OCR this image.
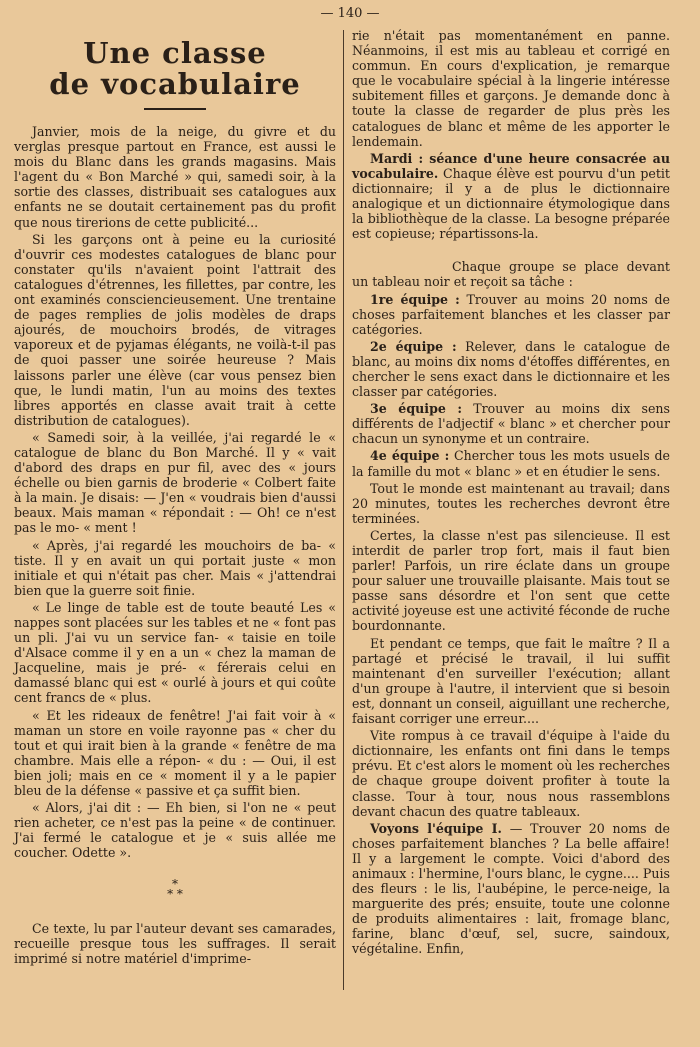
— 140 —
Une classe
de vocabulaire

Janvier, mois de la neige, du givre et du verglas presque partout en France, est aussi le mois du Blanc dans les grands magasins. Mais l'agent du « Bon Marché » qui, samedi soir, à la sortie des classes, distribuait ses catalogues aux enfants ne se doutait certainement pas du profit que nous tirerions de cette publicité...

Si les garçons ont à peine eu la curiosité d'ouvrir ces modestes catalogues de blanc pour constater qu'ils n'avaient point l'attrait des catalogues d'étrennes, les fillettes, par contre, les ont examinés consciencieusement. Une trentaine de pages remplies de jolis modèles de draps ajourés, de mouchoirs brodés, de vitrages vaporeux et de pyjamas élégants, ne voilà-t-il pas de quoi passer une soirée heureuse ? Mais laissons parler une élève (car vous pensez bien que, le lundi matin, l'un au moins des textes libres apportés en classe avait trait à cette distribution de catalogues).

« Samedi soir, à la veillée, j'ai regardé le « catalogue de blanc du Bon Marché. Il y « vait d'abord des draps en pur fil, avec des « jours échelle ou bien garnis de broderie « Colbert faite à la main. Je disais: — J'en « voudrais bien d'aussi beaux. Mais maman « répondait : — Oh! ce n'est pas le mo- « ment !

« Après, j'ai regardé les mouchoirs de ba- « tiste. Il y en avait un qui portait juste « mon initiale et qui n'était pas cher. Mais « j'attendrai bien que la guerre soit finie.

« Le linge de table est de toute beauté Les « nappes sont placées sur les tables et ne « font pas un pli. J'ai vu un service fan- « taisie en toile d'Alsace comme il y en a un « chez la maman de Jacqueline, mais je pré- « férerais celui en damassé blanc qui est « ourlé à jours et qui coûte cent francs de « plus.

« Et les rideaux de fenêtre! J'ai fait voir à « maman un store en voile rayonne pas « cher du tout et qui irait bien à la grande « fenêtre de ma chambre. Mais elle a répon- « du : — Oui, il est bien joli; mais en ce « moment il y a le papier bleu de la défense « passive et ça suffit bien.

« Alors, j'ai dit : — Eh bien, si l'on ne « peut rien acheter, ce n'est pas la peine « de continuer. J'ai fermé le catalogue et je « suis allée me coucher. Odette ».

*
* *

Ce texte, lu par l'auteur devant ses camarades, recueille presque tous les suffrages. Il serait imprimé si notre matériel d'imprime-

rie n'était pas momentanément en panne. Néanmoins, il est mis au tableau et corrigé en commun. En cours d'explication, je remarque que le vocabulaire spécial à la lingerie intéresse subitement filles et garçons. Je demande donc à toute la classe de regarder de plus près les catalogues de blanc et même de les apporter le lendemain.

Mardi : séance d'une heure consacrée au vocabulaire. Chaque élève est pourvu d'un petit dictionnaire; il y a de plus le dictionnaire analogique et un dictionnaire étymologique dans la bibliothèque de la classe. La besogne préparée est copieuse; répartissons-la.

Chaque groupe se place devant un tableau noir et reçoit sa tâche :

1re équipe : Trouver au moins 20 noms de choses parfaitement blanches et les classer par catégories.

2e équipe : Relever, dans le catalogue de blanc, au moins dix noms d'étoffes différentes, en chercher le sens exact dans le dictionnaire et les classer par catégories.

3e équipe : Trouver au moins dix sens différents de l'adjectif « blanc » et chercher pour chacun un synonyme et un contraire.

4e équipe : Chercher tous les mots usuels de la famille du mot « blanc » et en étudier le sens.

Tout le monde est maintenant au travail; dans 20 minutes, toutes les recherches devront être terminées.

Certes, la classe n'est pas silencieuse. Il est interdit de parler trop fort, mais il faut bien parler! Parfois, un rire éclate dans un groupe pour saluer une trouvaille plaisante. Mais tout se passe sans désordre et l'on sent que cette activité joyeuse est une activité féconde de ruche bourdonnante.

Et pendant ce temps, que fait le maître ? Il a partagé et précisé le travail, il lui suffit maintenant d'en surveiller l'exécution; allant d'un groupe à l'autre, il intervient que si besoin est, donnant un conseil, aiguillant une recherche, faisant corriger une erreur....

Vite rompus à ce travail d'équipe à l'aide du dictionnaire, les enfants ont fini dans le temps prévu. Et c'est alors le moment où les recherches de chaque groupe doivent profiter à toute la classe. Tour à tour, nous nous rassemblons devant chacun des quatre tableaux.

Voyons l'équipe I. — Trouver 20 noms de choses parfaitement blanches ? La belle affaire! Il y a largement le compte. Voici d'abord des animaux : l'hermine, l'ours blanc, le cygne.... Puis des fleurs : le lis, l'aubépine, le perce-neige, la marguerite des prés; ensuite, toute une colonne de produits alimentaires : lait, fromage blanc, farine, blanc d'œuf, sel, sucre, saindoux, végétaline. Enfin,
